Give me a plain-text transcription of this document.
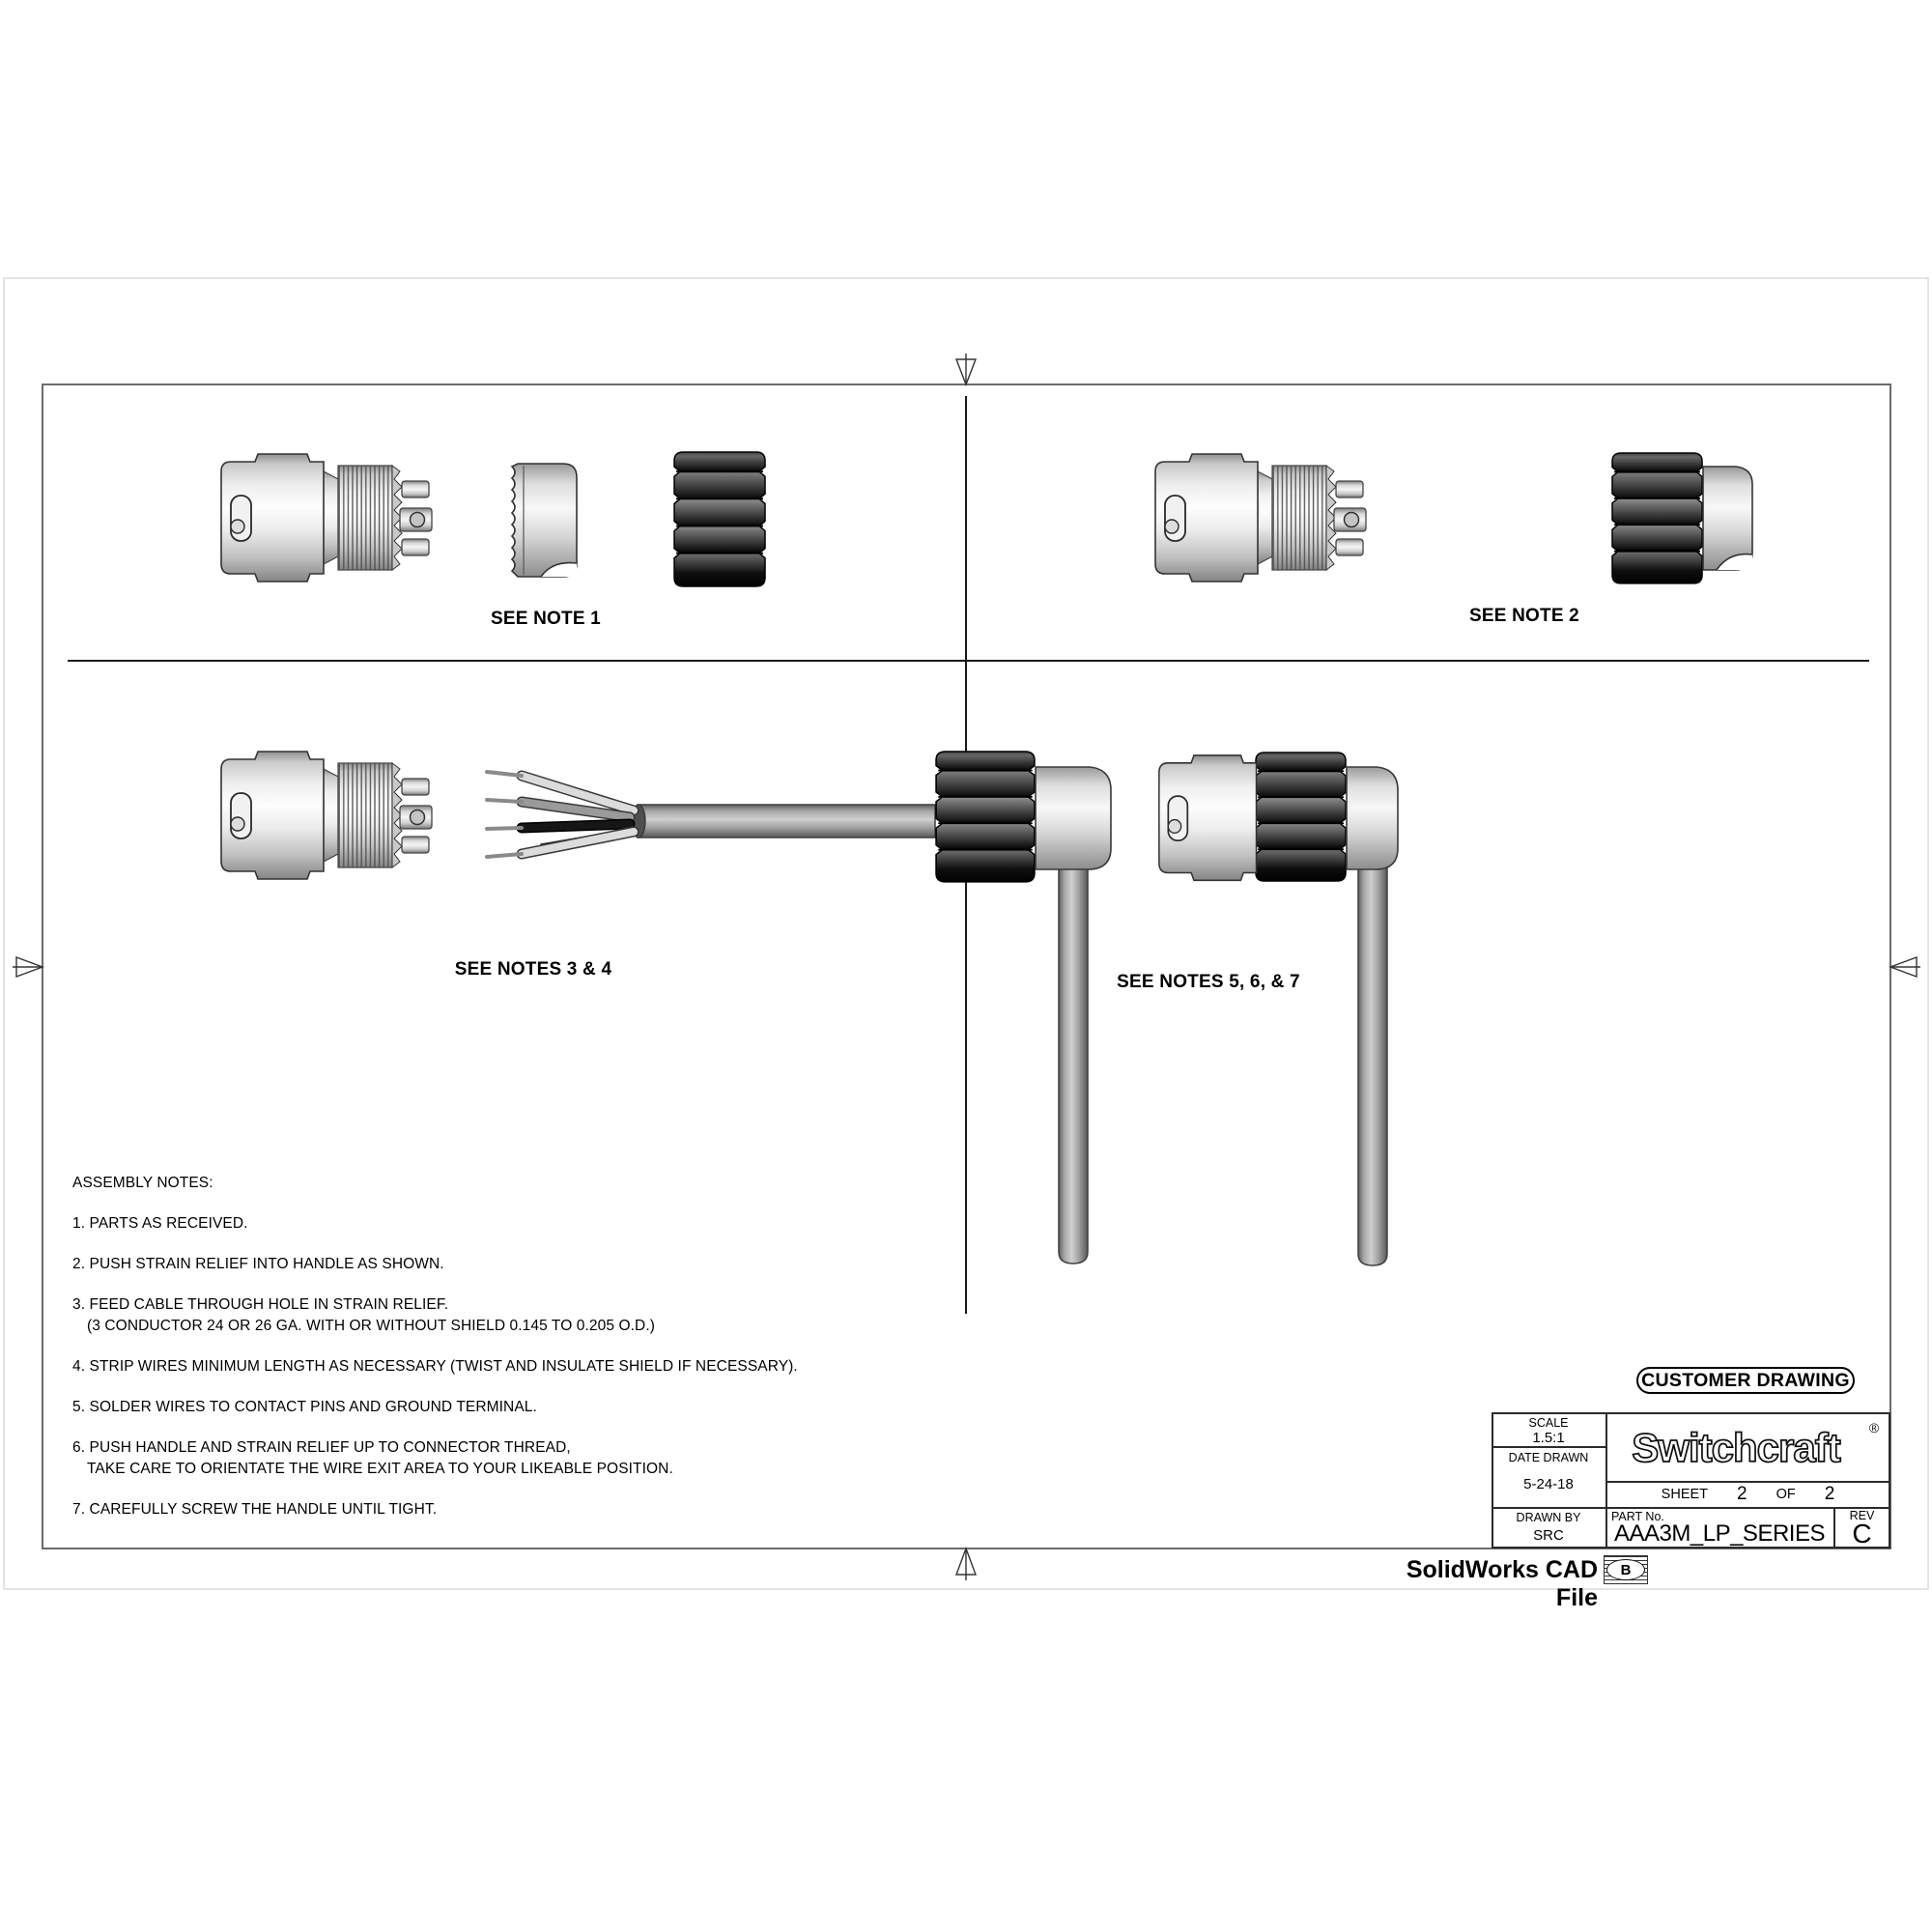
Switchcraft ®
SEE NOTE 1	SEE NOTE 2
SEE NOTES 3 & 4
SEE NOTES 5, 6, & 7
ASSEMBLY NOTES:
1. PARTS AS RECEIVED.
2. PUSH STRAIN RELIEF INTO HANDLE AS SHOWN.
3. FEED CABLE THROUGH HOLE IN STRAIN RELIEF.
(3 CONDUCTOR 24 OR 26 GA. WITH OR WITHOUT SHIELD 0.145 TO 0.205 O.D.)
4. STRIP WIRES MINIMUM LENGTH AS NECESSARY (TWIST AND INSULATE SHIELD IF NECESSARY).
5. SOLDER WIRES TO CONTACT PINS AND GROUND TERMINAL.
6. PUSH HANDLE AND STRAIN RELIEF UP TO CONNECTOR THREAD,
TAKE CARE TO ORIENTATE THE WIRE EXIT AREA TO YOUR LIKEABLE POSITION.
7. CAREFULLY SCREW THE HANDLE UNTIL TIGHT.
CUSTOMER DRAWING
SCALE
1.5:1
DATE DRAWN
5-24-18
DRAWN BY
SRC
SHEET 2 OF 2
PART No.
AAA3M_LP_SERIES
REV
C
SolidWorks CAD File
B
